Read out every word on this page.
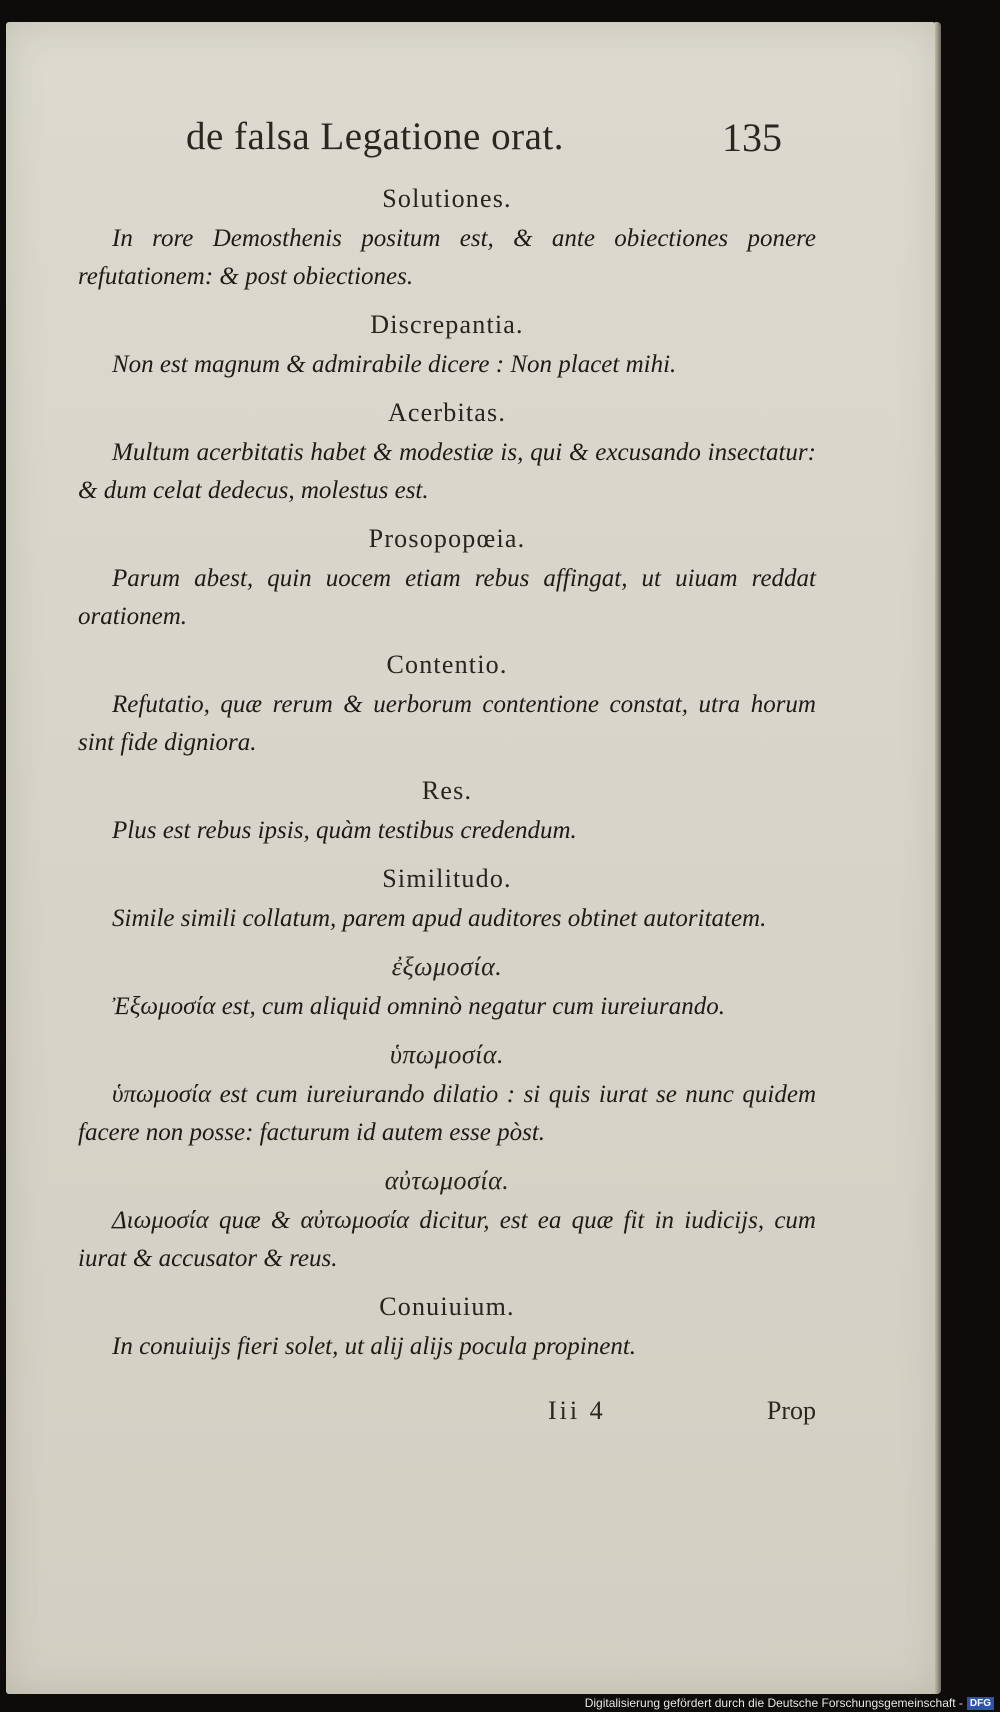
de falsa Legatione orat.	135

Solutiones.

In rore Demosthenis positum est, & ante obiectiones ponere refutationem: & post obiectiones.

Discrepantia.

Non est magnum & admirabile dicere : Non placet mihi.

Acerbitas.

Multum acerbitatis habet & modestiæ is, qui & excusando insectatur: & dum celat dedecus, molestus est.

Prosopopœia.

Parum abest, quin uocem etiam rebus affingat, ut uiuam reddat orationem.

Contentio.

Refutatio, quæ rerum & uerborum contentione constat, utra horum sint fide digniora.

Res.

Plus est rebus ipsis, quàm testibus credendum.

Similitudo.

Simile simili collatum, parem apud auditores obtinet autoritatem.

ἐξωμοσία.

Ἐξωμοσία est, cum aliquid omninò negatur cum iureiurando.

ὑπωμοσία.

ὑπωμοσία est cum iureiurando dilatio : si quis iurat se nunc quidem facere non posse: facturum id autem esse pòst.

αὐτωμοσία.

Διωμοσία quæ & αὐτωμοσία dicitur, est ea quæ fit in iudicijs, cum iurat & accusator & reus.

Conuiuium.

In conuiuijs fieri solet, ut alij alijs pocula propinent.

Iii 4	Prop
Digitalisierung gefördert durch die Deutsche Forschungsgemeinschaft - DFG
